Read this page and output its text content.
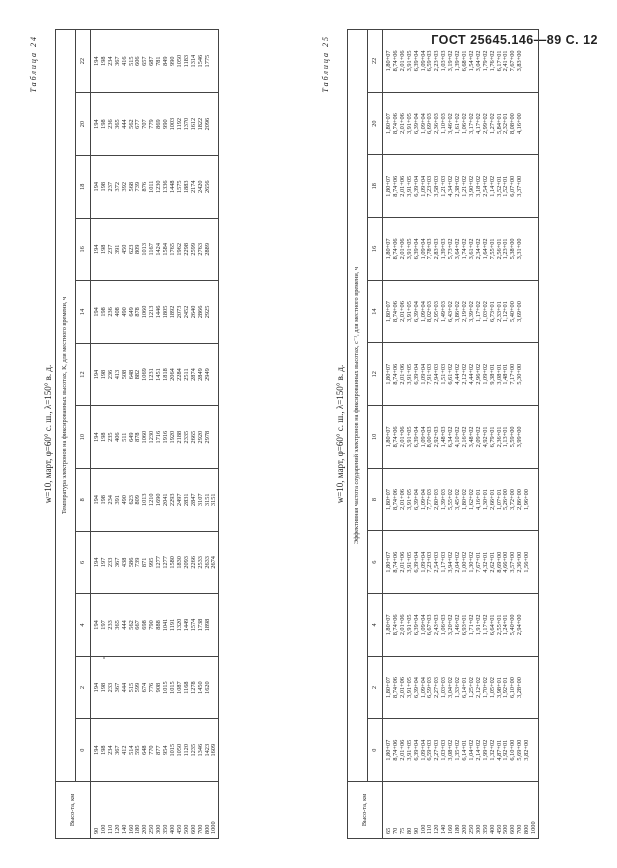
ГОСТ 25645.146—89 С. 12
Таблица 24
w=10, март, φ=60° с. ш., λ=150° в. д.
Высо-та, км	Температура электронов на фиксированных высотах, К, для местного времени, ч											
	0	2	4	6	8	10	12	14	16	18	20	22
90	194	194	194	194	194	194	194	194	194	194	194	194
100	198	198	197	197	198	198	198	198	198	198	198	198
110	234	233	233	233	234	235	236	236	237	237	236	234
120	367	367	365	367	391	406	413	408	391	372	365	367
140	412	444	444	438	490	511	508	490	450	392	444	416
160	514	515	562	586	623	649	648	649	623	568	562	515
180	595	599	667	739	809	878	882	878	809	739	677	606
200	648	674	698	871	1013	1060	1069	1060	1013	876	707	657
250	770	776	790	995	1210	1230	1231	1213	1167	1011	779	687
300	877	908	888	1277	1690	1716	1451	1446	1424	1230	869	781
350	954	1015	1041	1277	2041	1916	1818	1805	1584	1336	990	849
400	1015	1015	1191	1580	2293	1920	2064	1892	1765	1448	1003	990
450	1050	1087	1320	1830	2497	2188	2284	2073	1962	1575	1192	1050
500	1120	1168	1449	2093	2831	2335	2511	2452	2298	1883	1370	1183
600	1235	1278	1574	2266	2847	2665	2874	2640	2599	2174	1612	1314
700	1346	1450	1738	2533	3107	2920	2849	2866	2763	2420	1822	1546
800	1423	1620	1898	2633	3151	2978	2949	2925	2889	2656	2096	1775
1000	1609			2674	3151							
Таблица 25
w=10, март, φ=60° с. ш., λ=150° в. д.
Высо-та, км	Эффективная частота соударений электронов на фиксированных высотах, с⁻¹, для местного времени, ч											
	0	2	4	6	8	10	12	14	16	18	20	22
65	1,80+07	1,80+07	1,80+07	1,80+07	1,80+07	1,80+07	1,80+07	1,80+07	1,80+07	1,80+07	1,80+07	1,80+07
70	8,74+06	8,74+06	8,74+06	8,74+06	8,74+06	8,74+06	8,74+06	8,74+06	8,74+06	8,74+06	8,74+06	8,74+06
75	2,01+06	2,01+06	2,01+06	2,01+06	2,01+06	2,01+06	2,01+06	2,01+06	2,01+06	2,01+06	2,01+06	2,01+06
80	3,91+05	3,91+05	3,91+05	3,91+05	3,91+05	3,91+05	3,91+05	3,91+05	3,91+05	3,91+05	3,91+05	3,91+05
90	6,39+04	6,39+04	6,39+04	6,39+04	6,39+04	6,39+04	6,39+04	6,39+04	6,39+04	6,39+04	6,39+04	6,39+04
100	1,09+04	1,09+04	1,09+04	1,09+04	1,09+04	1,09+04	1,09+04	1,09+04	1,09+04	1,09+04	1,09+04	1,09+04
110	6,59+03	6,59+03	6,67+03	7,23+03	7,77+03	8,00+03	7,91+03	8,02+03	7,78+03	7,23+03	6,69+03	6,59+03
120	2,27+03	2,27+03	2,43+03	2,54+03	2,80+03	2,92+03	2,94+03	2,95+03	2,83+03	3,58+03	2,36+03	2,23+03
140	1,03+03	1,03+03	1,06+03	1,17+03	1,39+03	1,48+03	1,51+03	1,49+03	1,39+03	1,21+03	1,10+03	1,03+03
160	3,08+02	3,04+02	3,20+02	3,94+02	5,55+02	6,34+02	6,61+02	6,43+02	5,73+02	4,34+02	3,46+02	3,19+02
180	1,35+02	1,33+02	1,46+02	2,04+02	3,45+02	4,10+02	4,44+02	3,86+02	3,64+02	2,38+02	1,61+02	1,39+02
200	6,14+01	6,14+01	6,93+01	1,00+02	1,80+02	2,16+02	2,12+02	2,19+02	1,74+02	1,21+02	1,06+02	6,68+01
250	1,04+02	1,25+02	1,71+02	1,30+02	1,62+02	3,48+02	4,44+02	3,39+02	3,61+02	3,90+02	3,17+02	1,54+02
300	2,14+02	2,12+02	1,91+02	7,67+01	4,16+01	2,09+02	2,96+02	1,17+02	2,34+02	3,18+02	4,17+02	3,04+02
350	1,99+02	1,70+02	1,17+02	4,32+01	1,30+01	4,92+01	1,09+02	1,03+02	1,64+02	2,54+02	2,99+02	1,79+02
400	1,32+02	1,05+02	6,64+01	2,62+01	2,66+01	6,79+01	9,38+01	6,73+01	7,55+01	1,14+02	1,27+02	1,76+02
450	4,87+01	3,98+01	2,55+01	8,69+00	1,07+01	2,36+01	3,08+01	2,33+01	2,56+01	3,52+01	5,84+01	6,17+01
500	1,92+01	1,92+01	1,24+01	4,66+00	5,26+00	1,13+01	1,48+01	1,12+01	1,23+01	1,52+01	2,32+01	2,41+01
600	6,10+00	6,10+00	5,40+00	3,57+00	3,72+00	5,59+00	7,17+00	5,40+00	5,38+00	6,07+00	8,08+00	7,67+00
700	5,69+00	3,28+00	2,94+00	2,36+00	2,86+00	3,99+00	5,30+00	3,69+00	3,31+00	3,37+00	4,16+00	3,83+00
800	3,82+00			1,56+00	1,96+00							
1000												
